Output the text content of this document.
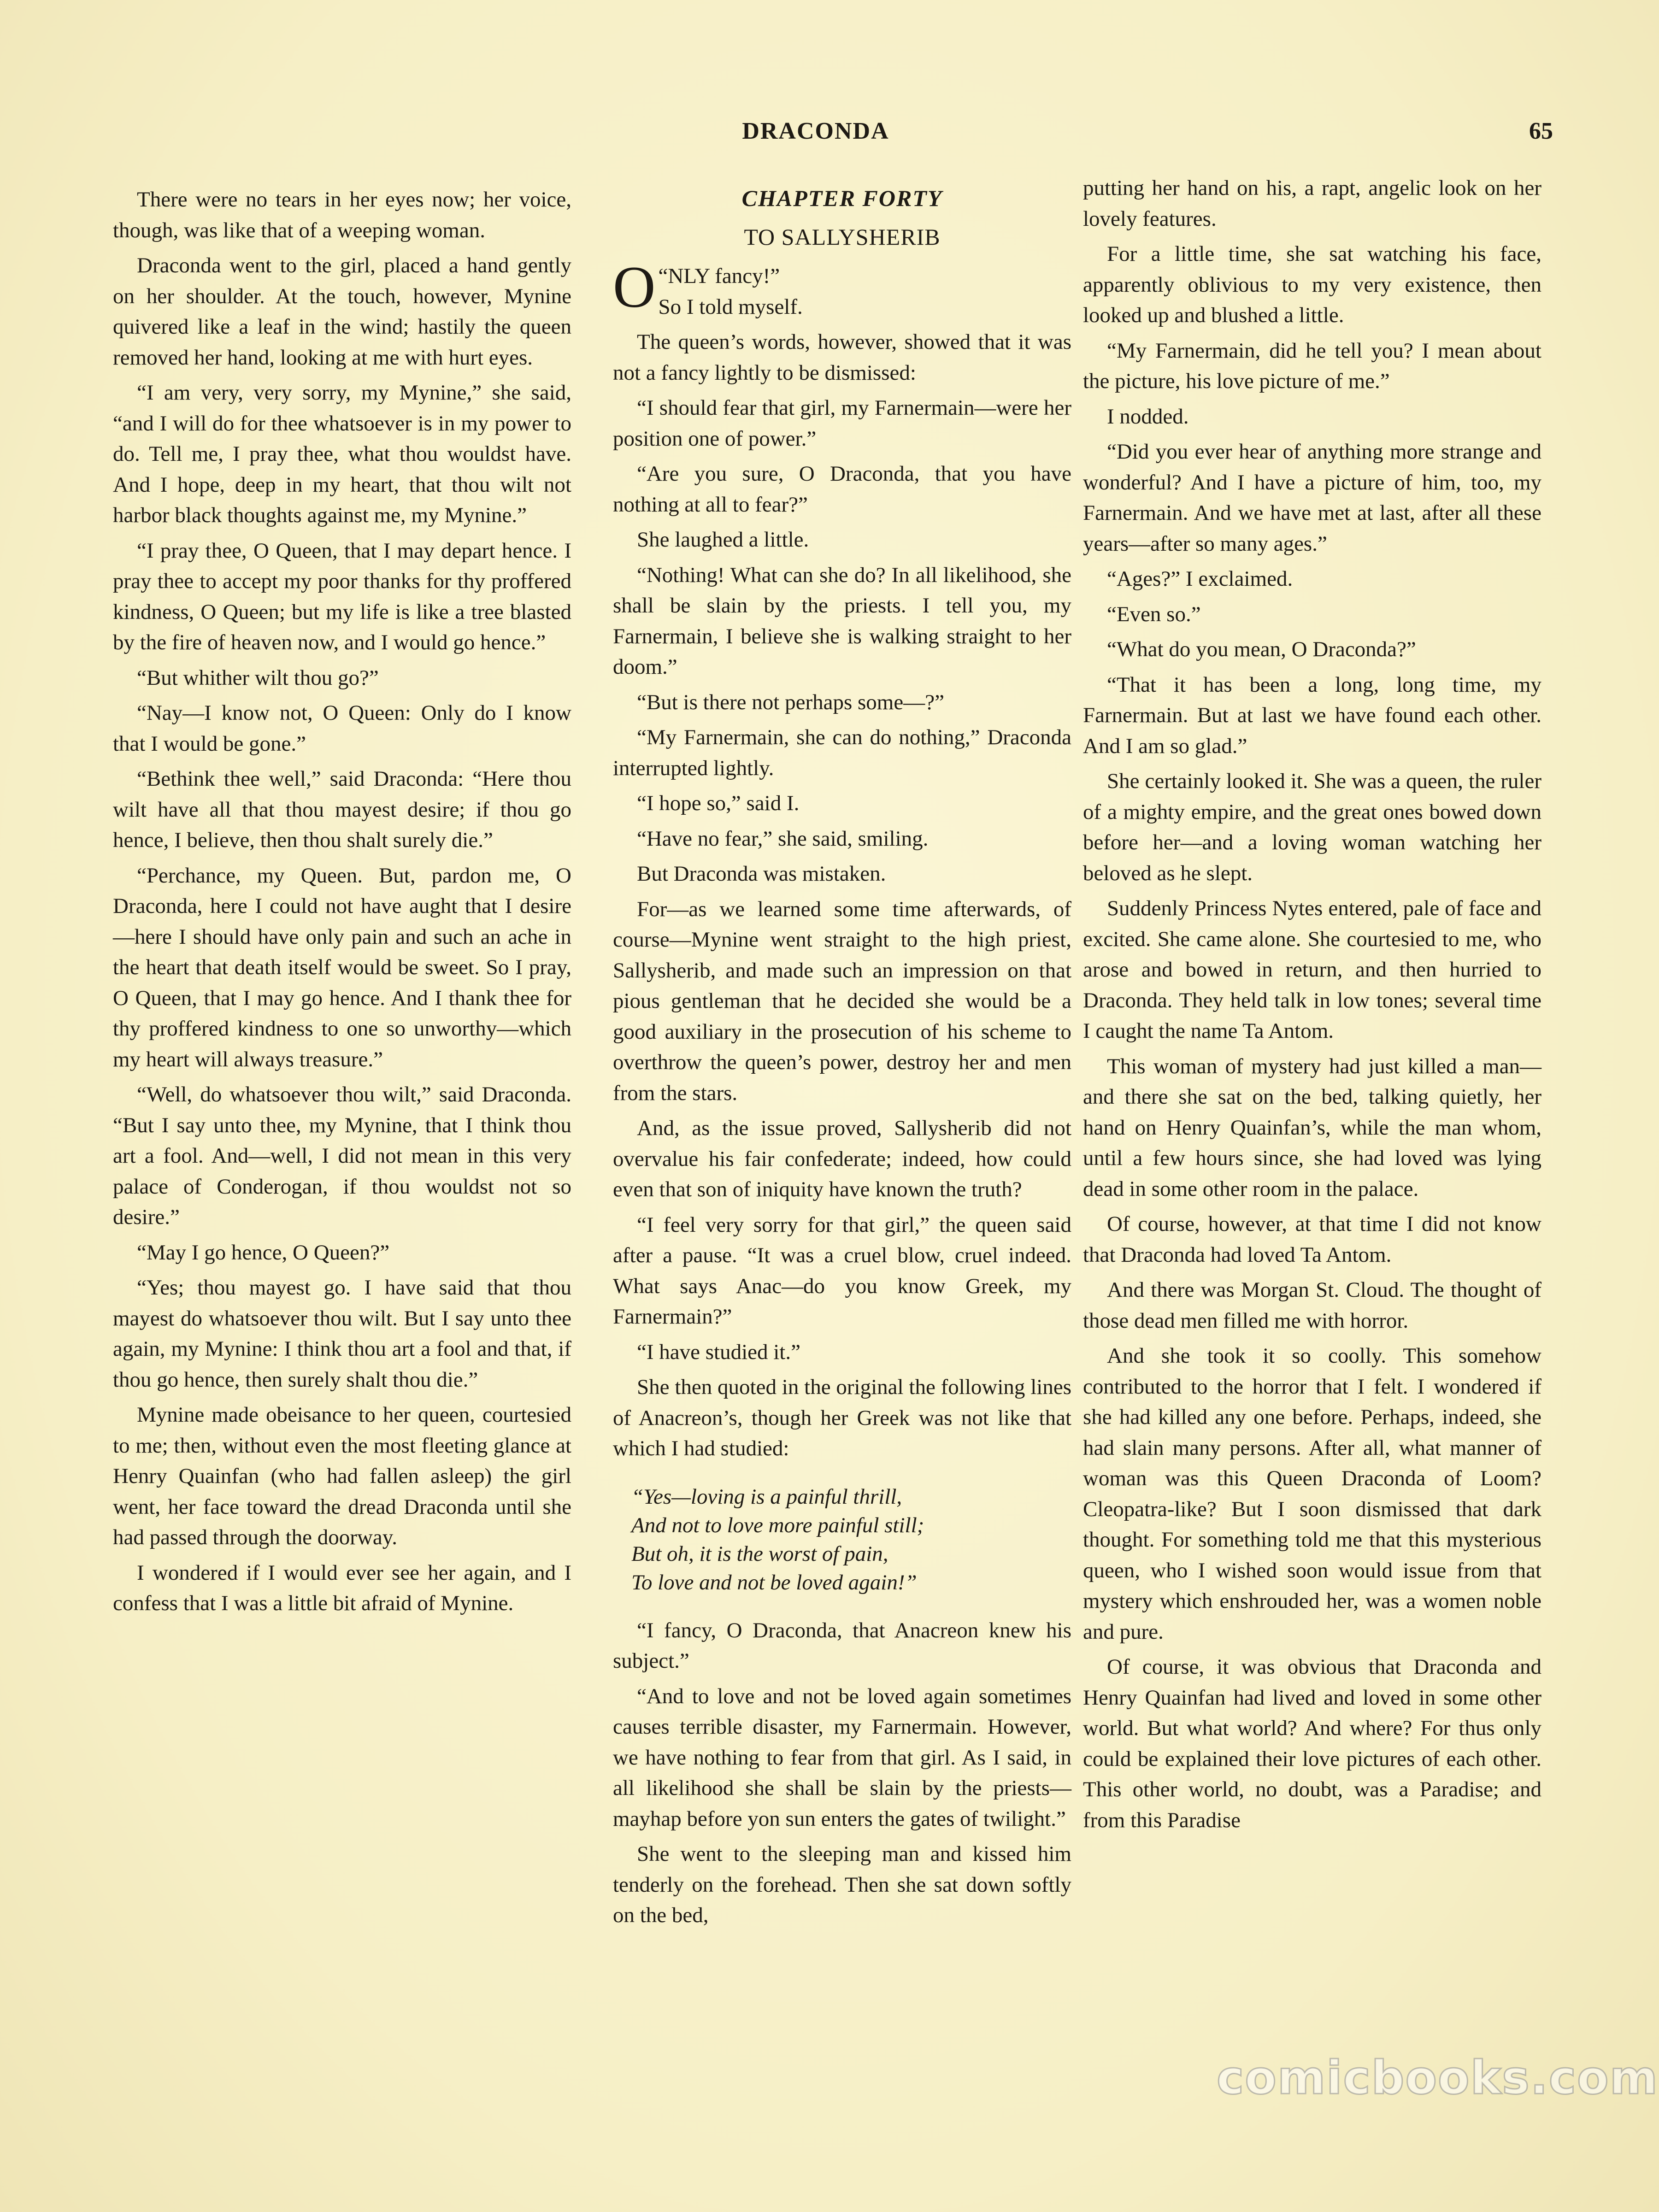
DRACONDA	65

There were no tears in her eyes now; her voice, though, was like that of a weeping woman.

Draconda went to the girl, placed a hand gently on her shoulder. At the touch, however, Mynine quivered like a leaf in the wind; hastily the queen removed her hand, looking at me with hurt eyes.

“I am very, very sorry, my Mynine,” she said, “and I will do for thee whatsoever is in my power to do. Tell me, I pray thee, what thou wouldst have. And I hope, deep in my heart, that thou wilt not harbor black thoughts against me, my Mynine.”

“I pray thee, O Queen, that I may depart hence. I pray thee to accept my poor thanks for thy proffered kindness, O Queen; but my life is like a tree blasted by the fire of heaven now, and I would go hence.”

“But whither wilt thou go?”

“Nay—I know not, O Queen: Only do I know that I would be gone.”

“Bethink thee well,” said Draconda: “Here thou wilt have all that thou mayest desire; if thou go hence, I believe, then thou shalt surely die.”

“Perchance, my Queen. But, pardon me, O Draconda, here I could not have aught that I desire—here I should have only pain and such an ache in the heart that death itself would be sweet. So I pray, O Queen, that I may go hence. And I thank thee for thy proffered kindness to one so unworthy—which my heart will always treasure.”

“Well, do whatsoever thou wilt,” said Draconda. “But I say unto thee, my Mynine, that I think thou art a fool. And—well, I did not mean in this very palace of Conderogan, if thou wouldst not so desire.”

“May I go hence, O Queen?”

“Yes; thou mayest go. I have said that thou mayest do whatsoever thou wilt. But I say unto thee again, my Mynine: I think thou art a fool and that, if thou go hence, then surely shalt thou die.”

Mynine made obeisance to her queen, courtesied to me; then, without even the most fleeting glance at Henry Quainfan (who had fallen asleep) the girl went, her face toward the dread Draconda until she had passed through the doorway.

I wondered if I would ever see her again, and I confess that I was a little bit afraid of Mynine.

CHAPTER FORTY
TO SALLYSHERIB

“
O NLY fancy!”
So I told myself.

The queen’s words, however, showed that it was not a fancy lightly to be dismissed:

“I should fear that girl, my Farnermain—were her position one of power.”

“Are you sure, O Draconda, that you have nothing at all to fear?”

She laughed a little.

“Nothing! What can she do? In all likelihood, she shall be slain by the priests. I tell you, my Farnermain, I believe she is walking straight to her doom.”

“But is there not perhaps some—?”

“My Farnermain, she can do nothing,” Draconda interrupted lightly.

“I hope so,” said I.

“Have no fear,” she said, smiling.

But Draconda was mistaken.

For—as we learned some time afterwards, of course—Mynine went straight to the high priest, Sallysherib, and made such an impression on that pious gentleman that he decided she would be a good auxiliary in the prosecution of his scheme to overthrow the queen’s power, destroy her and men from the stars.

And, as the issue proved, Sallysherib did not overvalue his fair confederate; indeed, how could even that son of iniquity have known the truth?

“I feel very sorry for that girl,” the queen said after a pause. “It was a cruel blow, cruel indeed. What says Anac—do you know Greek, my Farnermain?”

“I have studied it.”

She then quoted in the original the following lines of Anacreon’s, though her Greek was not like that which I had studied:

“Yes—loving is a painful thrill,
And not to love more painful still;
But oh, it is the worst of pain,
To love and not be loved again!”

“I fancy, O Draconda, that Anacreon knew his subject.”

“And to love and not be loved again sometimes causes terrible disaster, my Farnermain. However, we have nothing to fear from that girl. As I said, in all likelihood she shall be slain by the priests—mayhap before yon sun enters the gates of twilight.”

She went to the sleeping man and kissed him tenderly on the forehead. Then she sat down softly on the bed,

putting her hand on his, a rapt, angelic look on her lovely features.

For a little time, she sat watching his face, apparently oblivious to my very existence, then looked up and blushed a little.

“My Farnermain, did he tell you? I mean about the picture, his love picture of me.”

I nodded.

“Did you ever hear of anything more strange and wonderful? And I have a picture of him, too, my Farnermain. And we have met at last, after all these years—after so many ages.”

“Ages?” I exclaimed.

“Even so.”

“What do you mean, O Draconda?”

“That it has been a long, long time, my Farnermain. But at last we have found each other. And I am so glad.”

She certainly looked it. She was a queen, the ruler of a mighty empire, and the great ones bowed down before her—and a loving woman watching her beloved as he slept.

Suddenly Princess Nytes entered, pale of face and excited. She came alone. She courtesied to me, who arose and bowed in return, and then hurried to Draconda. They held talk in low tones; several time I caught the name Ta Antom.

This woman of mystery had just killed a man—and there she sat on the bed, talking quietly, her hand on Henry Quainfan’s, while the man whom, until a few hours since, she had loved was lying dead in some other room in the palace.

Of course, however, at that time I did not know that Draconda had loved Ta Antom.

And there was Morgan St. Cloud. The thought of those dead men filled me with horror.

And she took it so coolly. This somehow contributed to the horror that I felt. I wondered if she had killed any one before. Perhaps, indeed, she had slain many persons. After all, what manner of woman was this Queen Draconda of Loom? Cleopatra-like? But I soon dismissed that dark thought. For something told me that this mysterious queen, who I wished soon would issue from that mystery which enshrouded her, was a women noble and pure.

Of course, it was obvious that Draconda and Henry Quainfan had lived and loved in some other world. But what world? And where? For thus only could be explained their love pictures of each other. This other world, no doubt, was a Paradise; and from this Paradise

comicbooks.com
